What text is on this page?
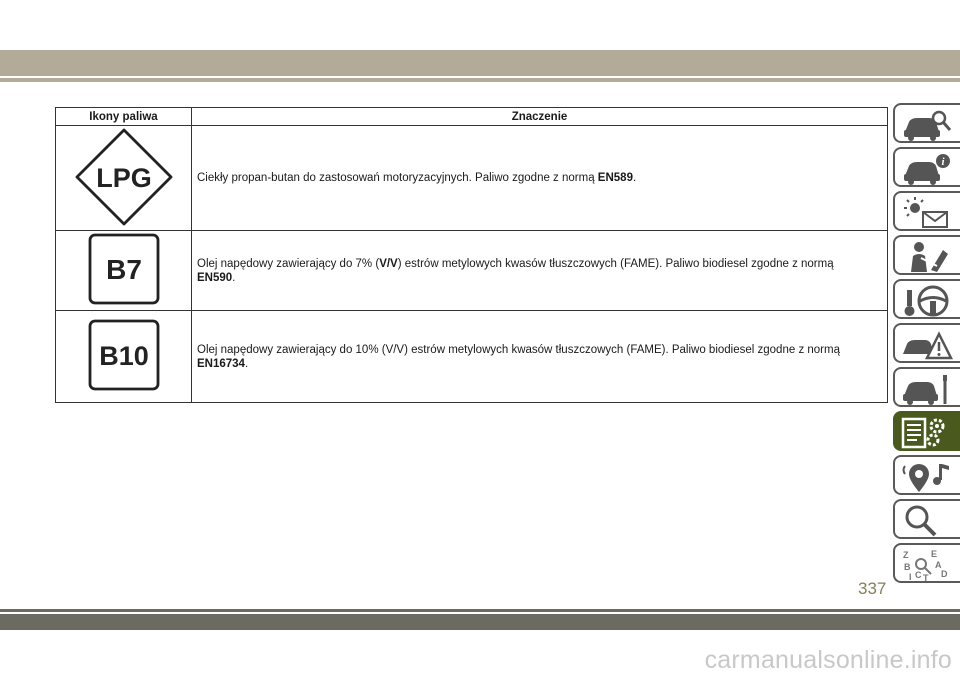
Ikony paliwa	Znaczenie

LPG	Ciekły propan-butan do zastosowań motoryzacyjnych. Paliwo zgodne z normą EN589.

B7	Olej napędowy zawierający do 7% (V/V) estrów metylowych kwasów tłuszczowych (FAME). Paliwo biodiesel zgodne z normą EN590.

B10	Olej napędowy zawierający do 10% (V/V) estrów metylowych kwasów tłuszczowych (FAME). Paliwo biodiesel zgodne z normą EN16734.
i
Z	E
B	A
I C T D
337
carmanualsonline.info
